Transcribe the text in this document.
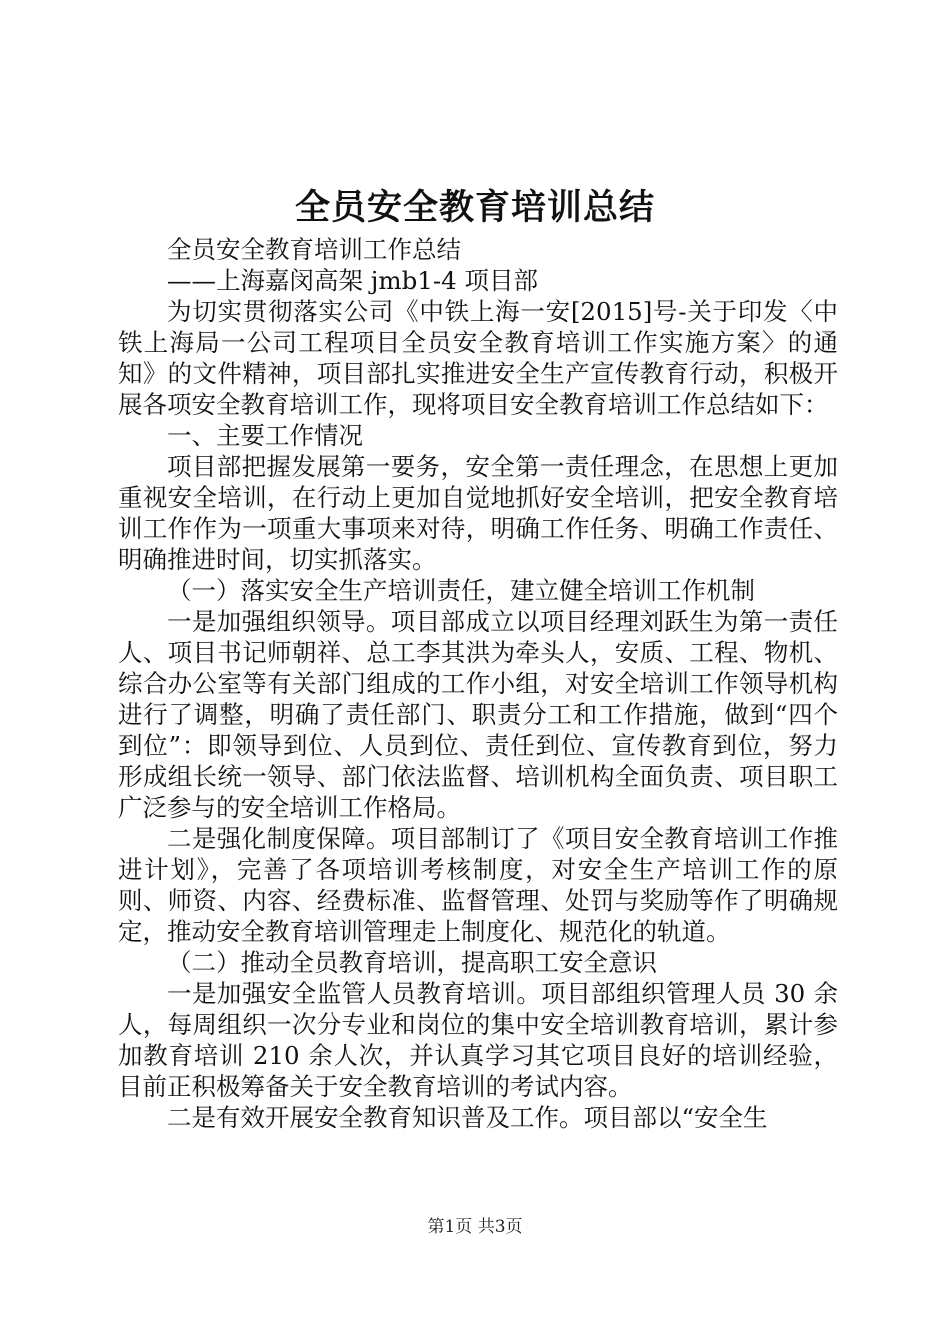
全员安全教育培训总结

全员安全教育培训工作总结

——上海嘉闵高架 jmb1-4 项目部

为切实贯彻落实公司《中铁上海一安[2015]号-关于印发〈中铁上海局一公司工程项目全员安全教育培训工作实施方案〉的通知》的文件精神，项目部扎实推进安全生产宣传教育行动，积极开展各项安全教育培训工作，现将项目安全教育培训工作总结如下：

一、主要工作情况

项目部把握发展第一要务，安全第一责任理念，在思想上更加重视安全培训，在行动上更加自觉地抓好安全培训，把安全教育培训工作作为一项重大事项来对待，明确工作任务、明确工作责任、明确推进时间，切实抓落实。

（一）落实安全生产培训责任，建立健全培训工作机制

一是加强组织领导。项目部成立以项目经理刘跃生为第一责任人、项目书记师朝祥、总工李其洪为牵头人，安质、工程、物机、综合办公室等有关部门组成的工作小组，对安全培训工作领导机构进行了调整，明确了责任部门、职责分工和工作措施，做到“四个到位”：即领导到位、人员到位、责任到位、宣传教育到位，努力形成组长统一领导、部门依法监督、培训机构全面负责、项目职工广泛参与的安全培训工作格局。

二是强化制度保障。项目部制订了《项目安全教育培训工作推进计划》，完善了各项培训考核制度，对安全生产培训工作的原则、师资、内容、经费标准、监督管理、处罚与奖励等作了明确规定，推动安全教育培训管理走上制度化、规范化的轨道。

（二）推动全员教育培训，提高职工安全意识

一是加强安全监管人员教育培训。项目部组织管理人员 30 余人，每周组织一次分专业和岗位的集中安全培训教育培训，累计参加教育培训 210 余人次，并认真学习其它项目良好的培训经验，目前正积极筹备关于安全教育培训的考试内容。

二是有效开展安全教育知识普及工作。项目部以“安全生

第1页 共3页
